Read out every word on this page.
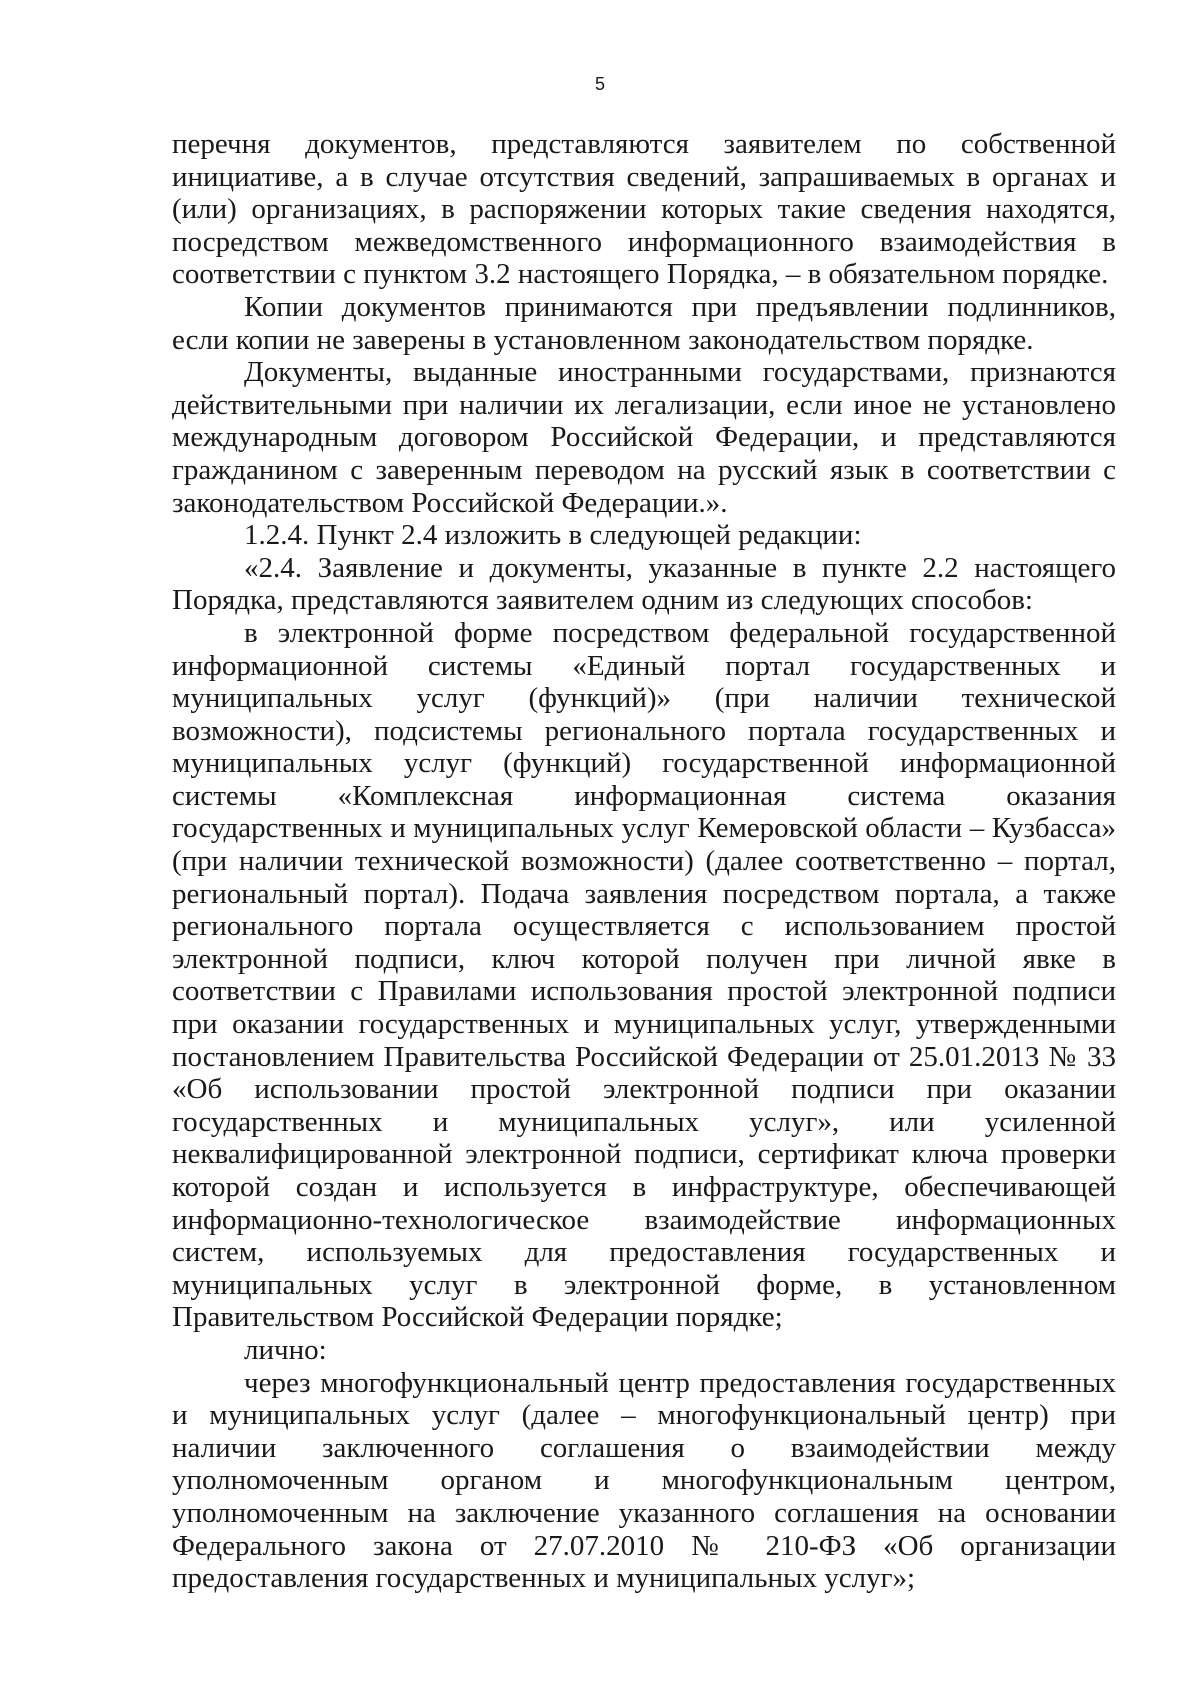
5

перечня документов, представляются заявителем по собственной инициативе, а в случае отсутствия сведений, запрашиваемых в органах и (или) организациях, в распоряжении которых такие сведения находятся, посредством межведомственного информационного взаимодействия в соответствии с пунктом 3.2 настоящего Порядка, – в обязательном порядке.

Копии документов принимаются при предъявлении подлинников, если копии не заверены в установленном законодательством порядке.

Документы, выданные иностранными государствами, признаются действительными при наличии их легализации, если иное не установлено международным договором Российской Федерации, и представляются гражданином с заверенным переводом на русский язык в соответствии с законодательством Российской Федерации.».

1.2.4. Пункт 2.4 изложить в следующей редакции:

«2.4. Заявление и документы, указанные в пункте 2.2 настоящего Порядка, представляются заявителем одним из следующих способов:

в электронной форме посредством федеральной государственной информационной системы «Единый портал государственных и муниципальных услуг (функций)» (при наличии технической возможности), подсистемы регионального портала государственных и муниципальных услуг (функций) государственной информационной системы «Комплексная информационная система оказания государственных и муниципальных услуг Кемеровской области – Кузбасса» (при наличии технической возможности) (далее соответственно – портал, региональный портал). Подача заявления посредством портала, а также регионального портала осуществляется с использованием простой электронной подписи, ключ которой получен при личной явке в соответствии с Правилами использования простой электронной подписи при оказании государственных и муниципальных услуг, утвержденными постановлением Правительства Российской Федерации от 25.01.2013 № 33 «Об использовании простой электронной подписи при оказании государственных и муниципальных услуг», или усиленной неквалифицированной электронной подписи, сертификат ключа проверки которой создан и используется в инфраструктуре, обеспечивающей информационно-технологическое взаимодействие информационных систем, используемых для предоставления государственных и муниципальных услуг в электронной форме, в установленном Правительством Российской Федерации порядке;

лично:

через многофункциональный центр предоставления государственных и муниципальных услуг (далее – многофункциональный центр) при наличии заключенного соглашения о взаимодействии между уполномоченным органом и многофункциональным центром, уполномоченным на заключение указанного соглашения на основании Федерального закона от 27.07.2010 № 210-ФЗ «Об организации предоставления государственных и муниципальных услуг»;
